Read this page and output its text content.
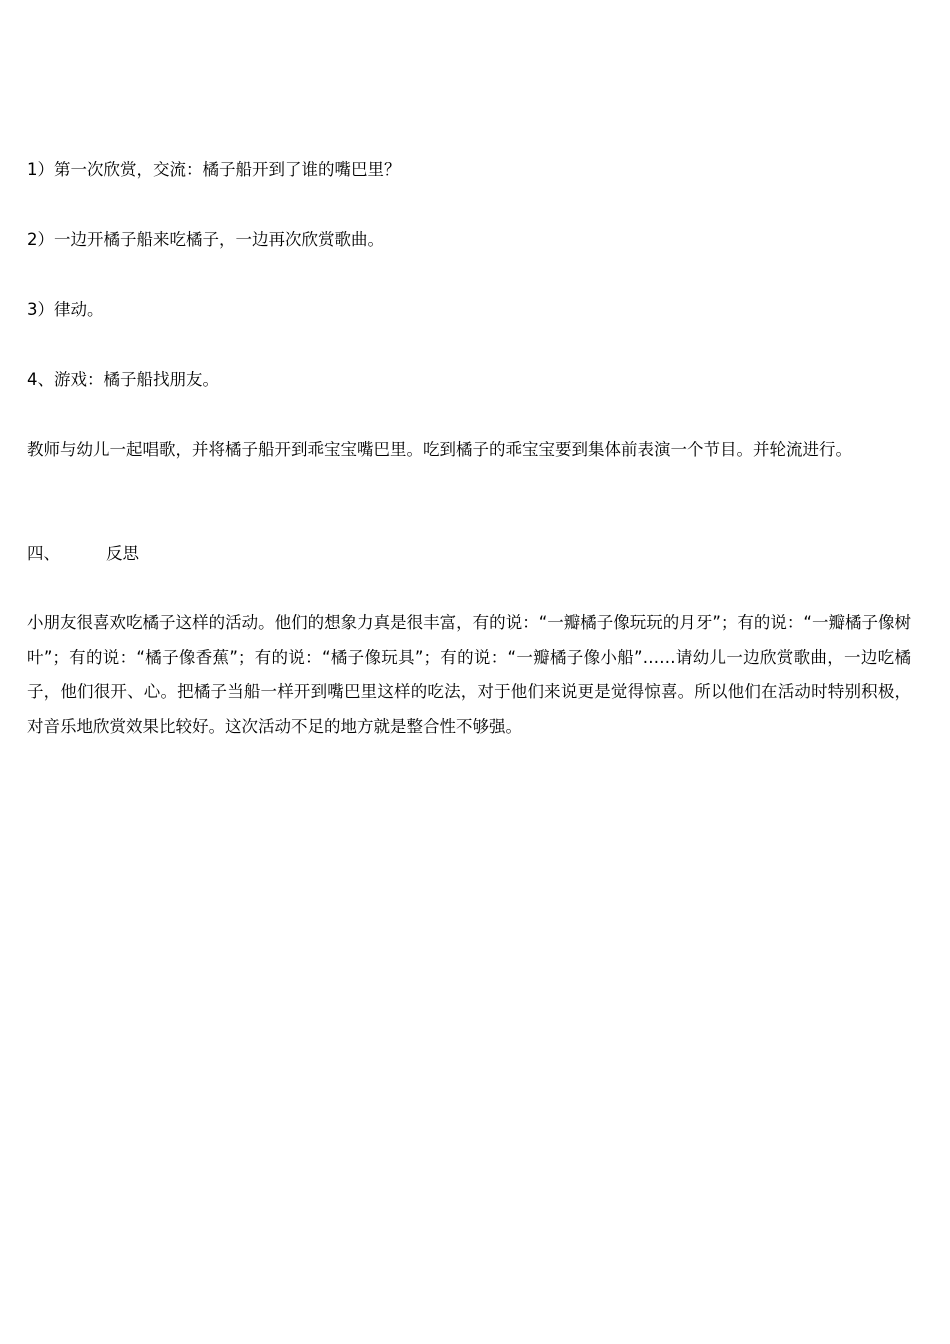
1）第一次欣赏，交流：橘子船开到了谁的嘴巴里？

2）一边开橘子船来吃橘子，一边再次欣赏歌曲。

3）律动。

4、游戏：橘子船找朋友。

教师与幼儿一起唱歌，并将橘子船开到乖宝宝嘴巴里。吃到橘子的乖宝宝要到集体前表演一个节目。并轮流进行。

四、	反思

小朋友很喜欢吃橘子这样的活动。他们的想象力真是很丰富，有的说：“一瓣橘子像玩玩的月牙”；有的说：“一瓣橘子像树叶”；有的说：“橘子像香蕉”；有的说：“橘子像玩具”；有的说：“一瓣橘子像小船”……请幼儿一边欣赏歌曲，一边吃橘子，他们很开、心。把橘子当船一样开到嘴巴里这样的吃法，对于他们来说更是觉得惊喜。所以他们在活动时特别积极，对音乐地欣赏效果比较好。这次活动不足的地方就是整合性不够强。
